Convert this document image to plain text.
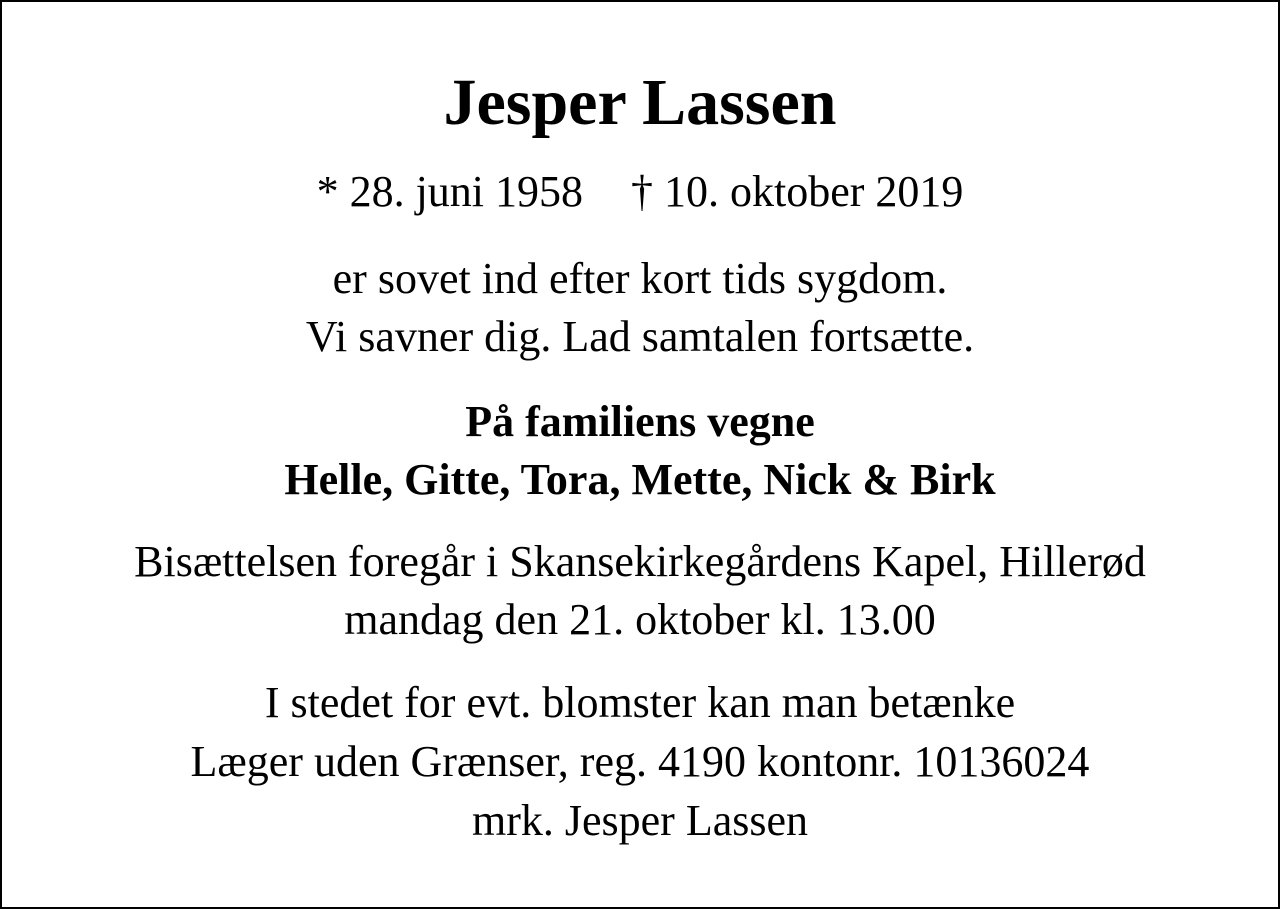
Jesper Lassen
* 28. juni 1958 † 10. oktober 2019
er sovet ind efter kort tids sygdom.
Vi savner dig. Lad samtalen fortsætte.
På familiens vegne
Helle, Gitte, Tora, Mette, Nick & Birk
Bisættelsen foregår i Skansekirkegårdens Kapel, Hillerød
mandag den 21. oktober kl. 13.00
I stedet for evt. blomster kan man betænke
Læger uden Grænser, reg. 4190 kontonr. 10136024
mrk. Jesper Lassen
